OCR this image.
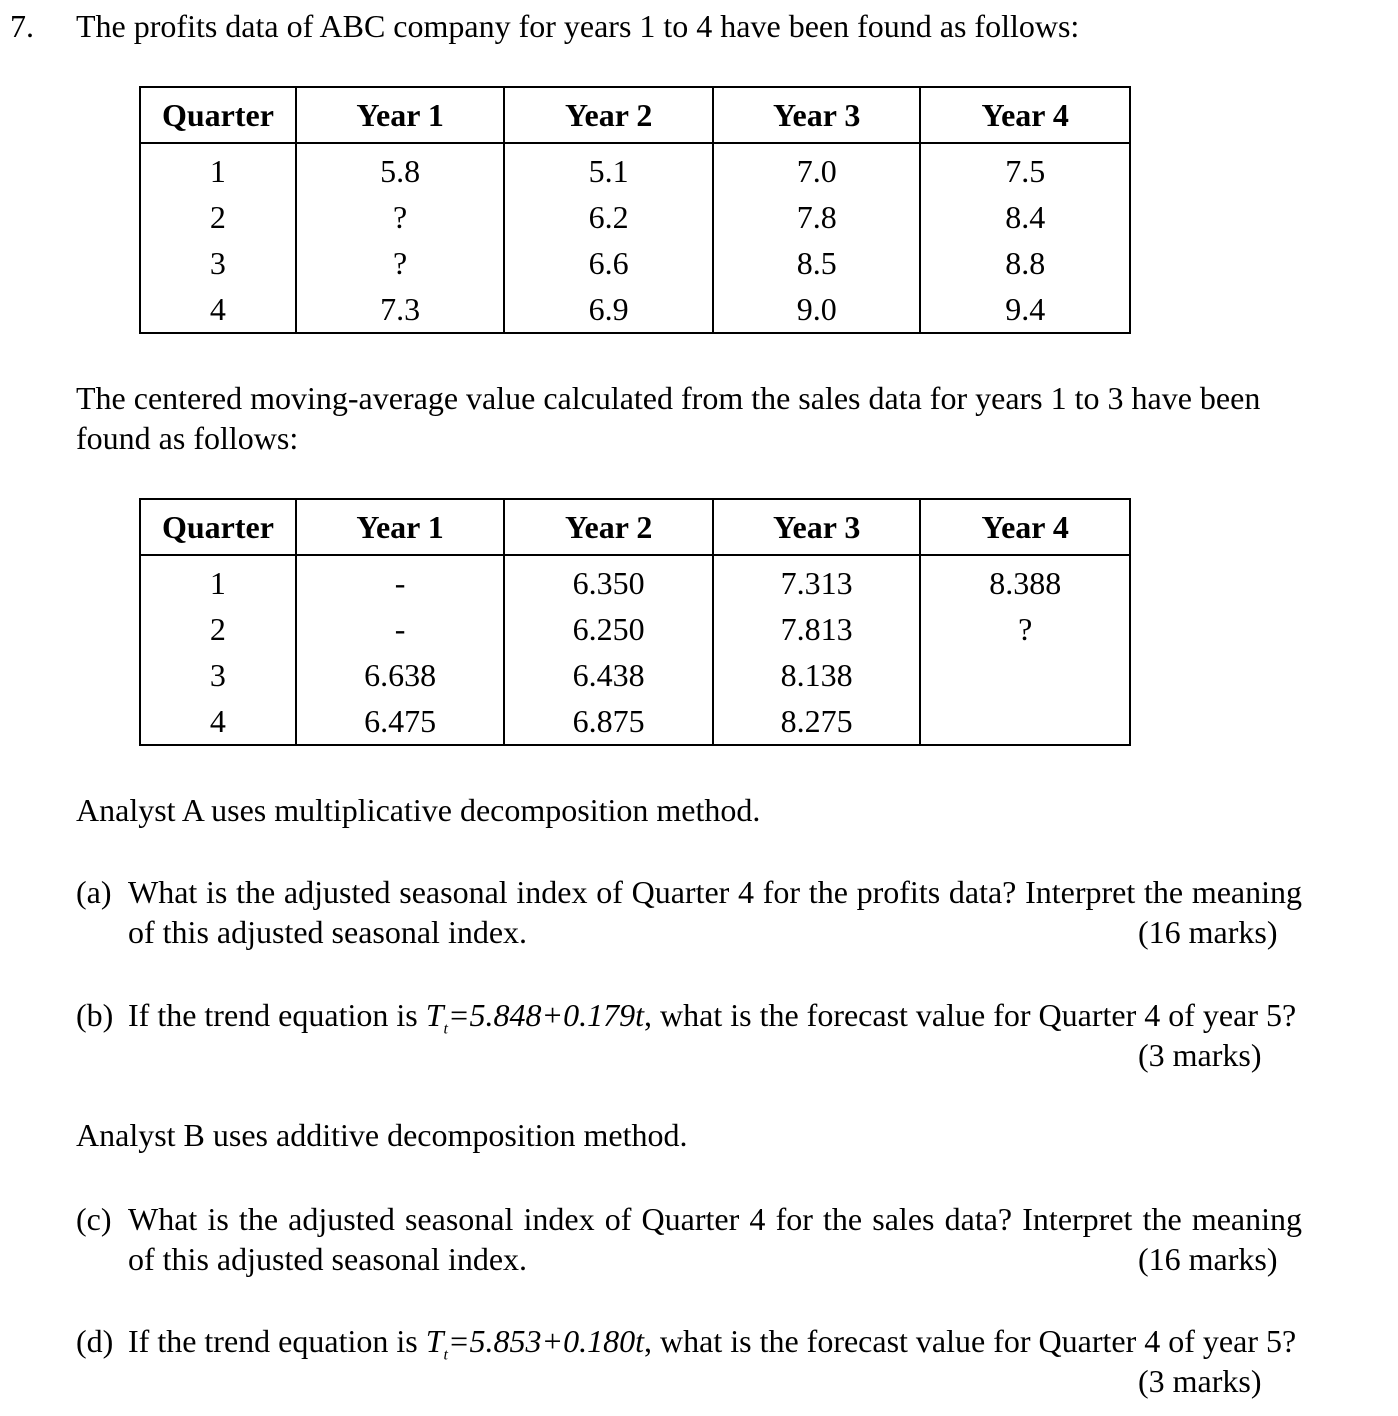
7. The profits data of ABC company for years 1 to 4 have been found as follows:
Quarter	Year 1	Year 2	Year 3	Year 4
1	5.8	5.1	7.0	7.5
2	?	6.2	7.8	8.4
3	?	6.6	8.5	8.8
4	7.3	6.9	9.0	9.4
The centered moving-average value calculated from the sales data for years 1 to 3 have been found as follows:
Quarter	Year 1	Year 2	Year 3	Year 4
1	-	6.350	7.313	8.388
2	-	6.250	7.813	?
3	6.638	6.438	8.138	
4	6.475	6.875	8.275	
Analyst A uses multiplicative decomposition method.
(a) What is the adjusted seasonal index of Quarter 4 for the profits data? Interpret the meaning of this adjusted seasonal index.	(16 marks)
(b) If the trend equation is $T_t=5.848+0.179t$, what is the forecast value for Quarter 4 of year 5?
(3 marks)
Analyst B uses additive decomposition method.
(c) What is the adjusted seasonal index of Quarter 4 for the sales data? Interpret the meaning of this adjusted seasonal index.	(16 marks)
(d) If the trend equation is $T_t=5.853+0.180t$, what is the forecast value for Quarter 4 of year 5?
(3 marks)
